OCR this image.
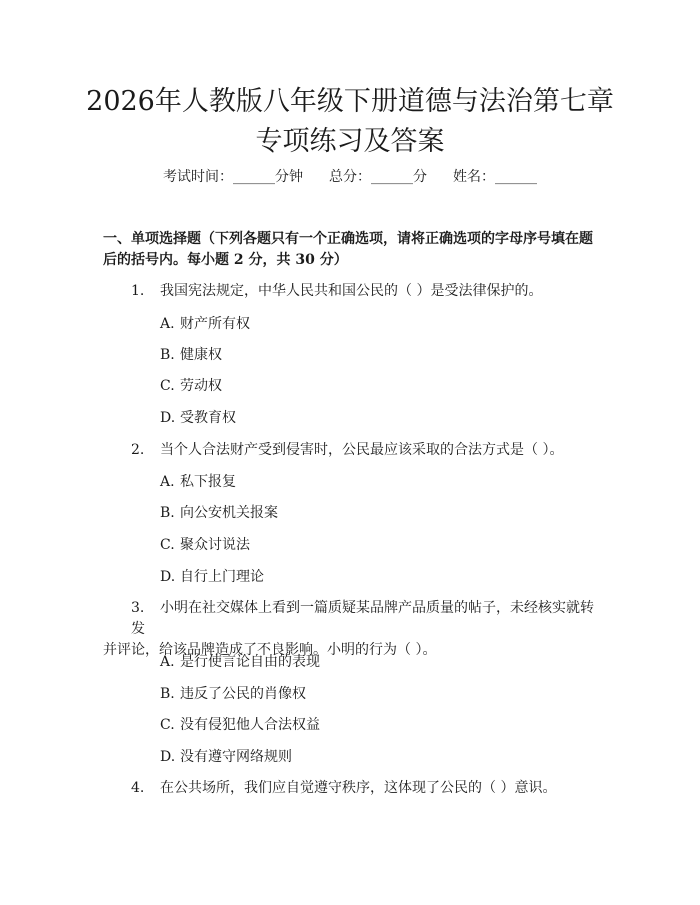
2026年人教版八年级下册道德与法治第七章
专项练习及答案
考试时间：______分钟 总分：______分 姓名：______
一、单项选择题（下列各题只有一个正确选项，请将正确选项的字母序号填在题
后的括号内。每小题 2 分，共 30 分）
1. 我国宪法规定，中华人民共和国公民的（ ）是受法律保护的。
A. 财产所有权
B. 健康权
C. 劳动权
D. 受教育权
2. 当个人合法财产受到侵害时，公民最应该采取的合法方式是（ ）。
A. 私下报复
B. 向公安机关报案
C. 聚众讨说法
D. 自行上门理论
3. 小明在社交媒体上看到一篇质疑某品牌产品质量的帖子，未经核实就转发
并评论，给该品牌造成了不良影响。小明的行为（ ）。
A. 是行使言论自由的表现
B. 违反了公民的肖像权
C. 没有侵犯他人合法权益
D. 没有遵守网络规则
4. 在公共场所，我们应自觉遵守秩序，这体现了公民的（ ）意识。
